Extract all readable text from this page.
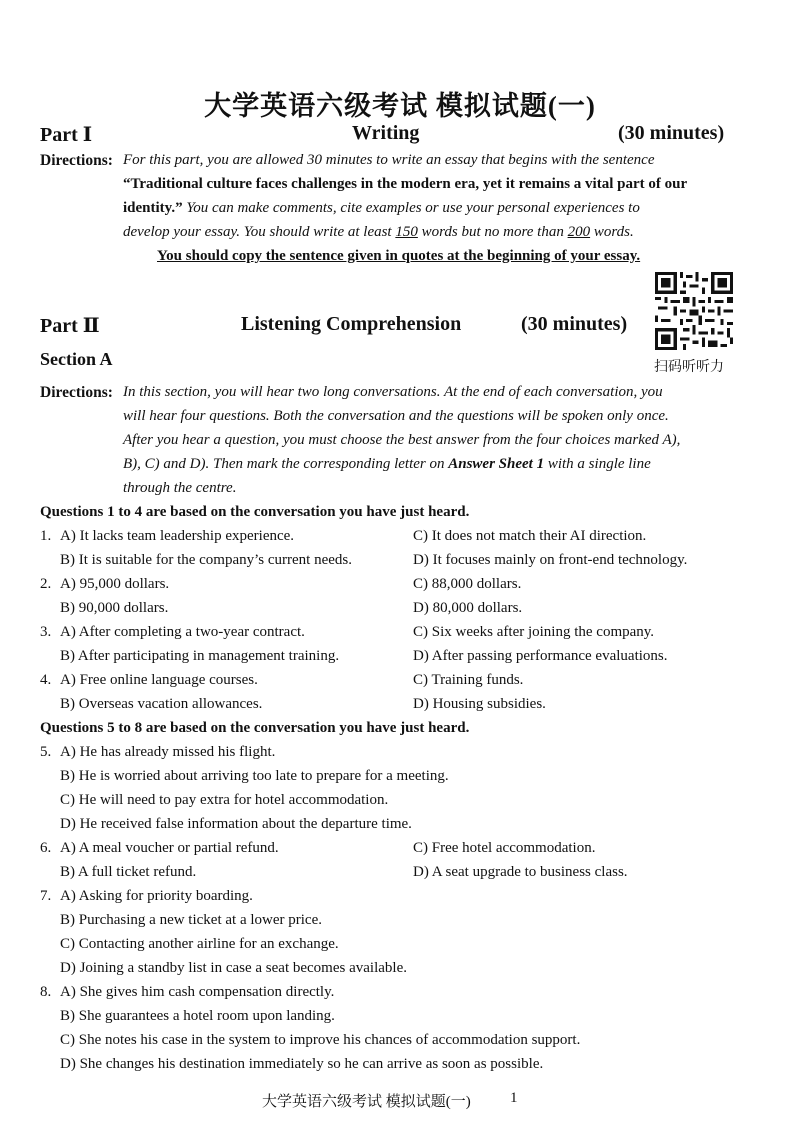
大学英语六级考试 模拟试题(一)
Part Ⅰ	Writing	(30 minutes)
Directions: For this part, you are allowed 30 minutes to write an essay that begins with the sentence
“Traditional culture faces challenges in the modern era, yet it remains a vital part of our
identity.” You can make comments, cite examples or use your personal experiences to
develop your essay. You should write at least 150 words but no more than 200 words.
You should copy the sentence given in quotes at the beginning of your essay.
扫码听听力
Part Ⅱ	Listening Comprehension	(30 minutes)
Section A
Directions: In this section, you will hear two long conversations. At the end of each conversation, you
will hear four questions. Both the conversation and the questions will be spoken only once.
After you hear a question, you must choose the best answer from the four choices marked A),
B), C) and D). Then mark the corresponding letter on Answer Sheet 1 with a single line
through the centre.
Questions 1 to 4 are based on the conversation you have just heard.
1. A) It lacks team leadership experience.	C) It does not match their AI direction.
B) It is suitable for the company’s current needs.	D) It focuses mainly on front-end technology.
2. A) 95,000 dollars.	C) 88,000 dollars.
B) 90,000 dollars.	D) 80,000 dollars.
3. A) After completing a two-year contract.	C) Six weeks after joining the company.
B) After participating in management training.	D) After passing performance evaluations.
4. A) Free online language courses.	C) Training funds.
B) Overseas vacation allowances.	D) Housing subsidies.
Questions 5 to 8 are based on the conversation you have just heard.
5. A) He has already missed his flight.
B) He is worried about arriving too late to prepare for a meeting.
C) He will need to pay extra for hotel accommodation.
D) He received false information about the departure time.
6. A) A meal voucher or partial refund.	C) Free hotel accommodation.
B) A full ticket refund.	D) A seat upgrade to business class.
7. A) Asking for priority boarding.
B) Purchasing a new ticket at a lower price.
C) Contacting another airline for an exchange.
D) Joining a standby list in case a seat becomes available.
8. A) She gives him cash compensation directly.
B) She guarantees a hotel room upon landing.
C) She notes his case in the system to improve his chances of accommodation support.
D) She changes his destination immediately so he can arrive as soon as possible.
大学英语六级考试 模拟试题(一)	1
